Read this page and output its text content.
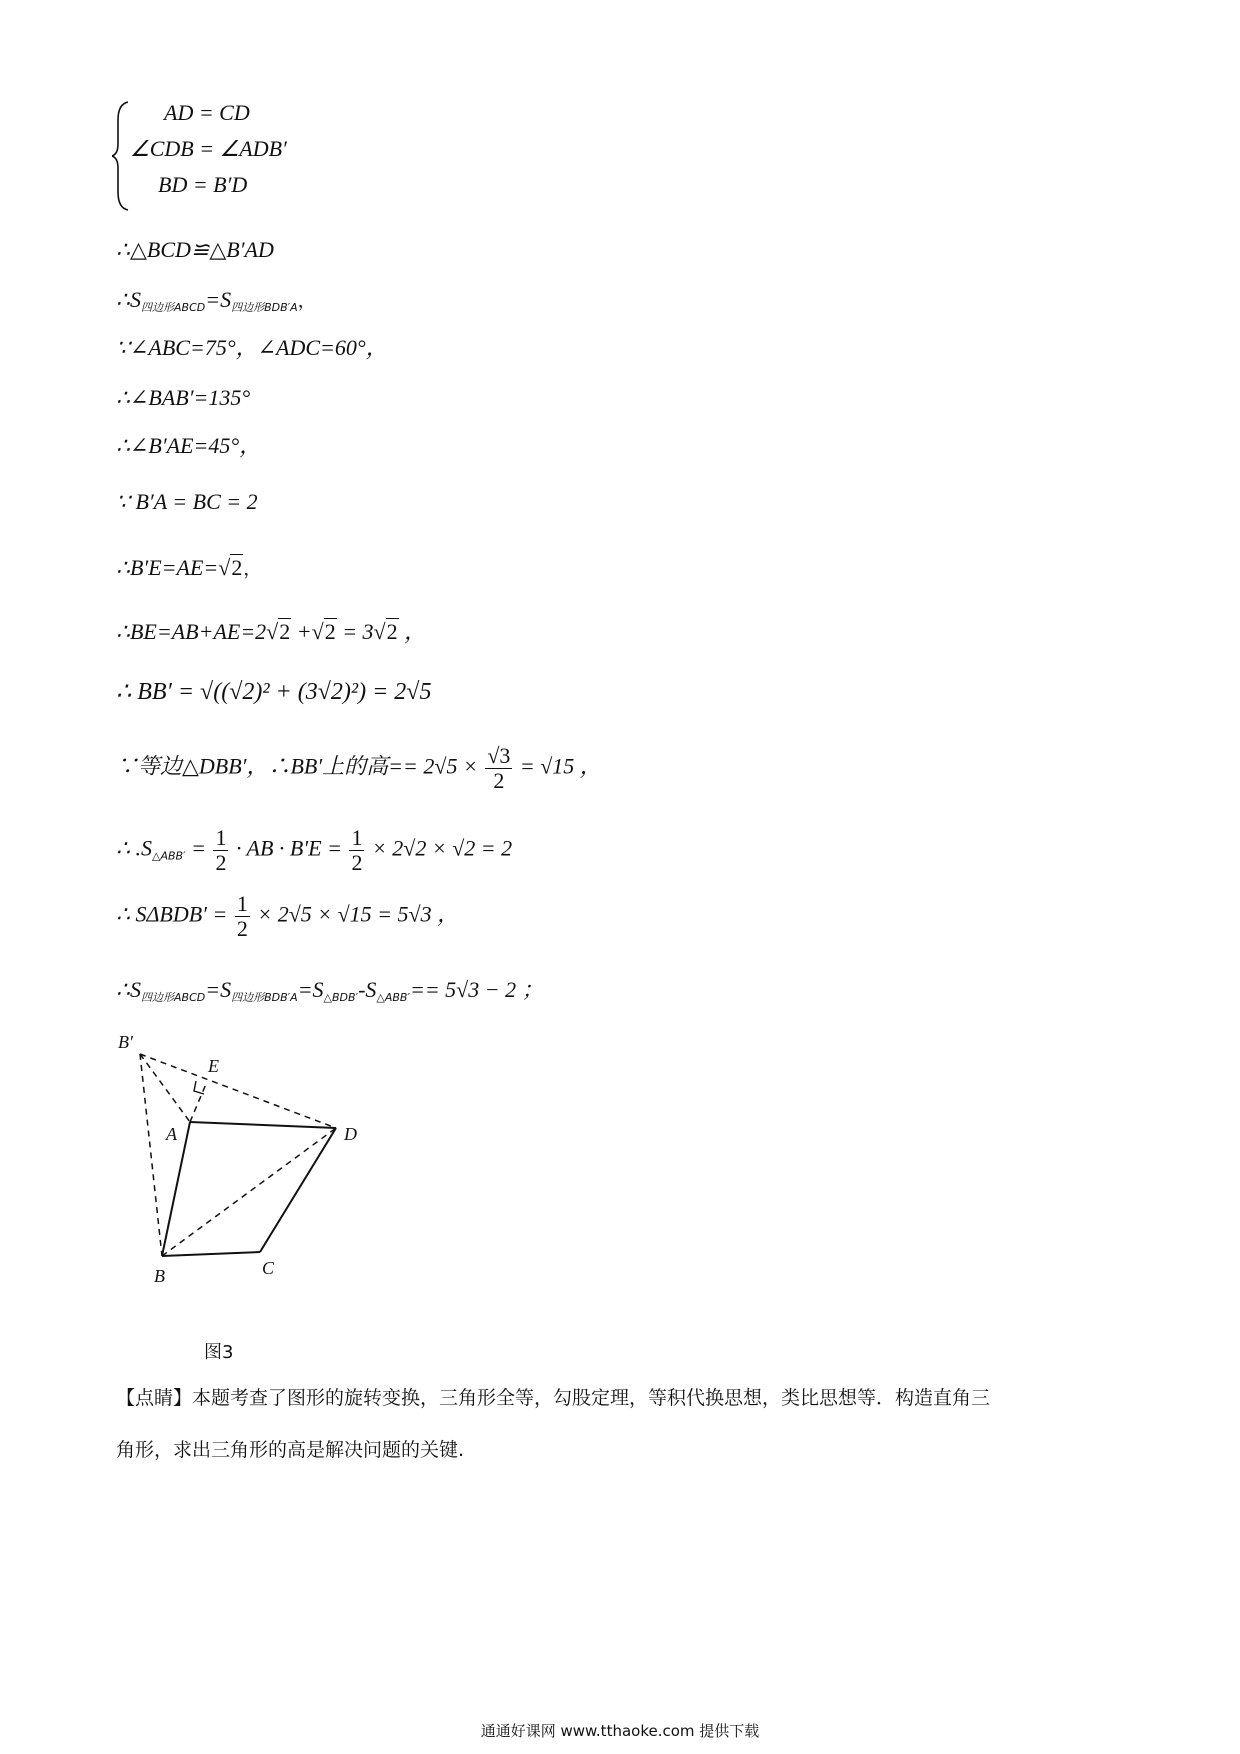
AD = CD
∠CDB = ∠ADB′
BD = B′D
∴△BCD≌△B′AD
$\therefore S_{四边形ABCD}=S_{四边形BDB'A}$，
∵∠ABC=75°，∠ADC=60°，
∴∠BAB′=135°
∴∠B′AE=45°，
∵ B′A = BC = 2
∴B′E=AE=√2，
∴BE=AB+AE=2√2 +√2 = 3√2 ，
∴ BB′ = √((√2)² + (3√2)²) = 2√5
∵等边△DBB′，∴BB′上的高== $2√5 \times \frac{√3}{2} = √15$ ，
∴ $.S_{\triangle ABB'} = \frac{1}{2}$ · AB · $B'E = \frac{1}{2} \times 2√2 \times √2 = 2$
∴ $S\Delta BDB' = \frac{1}{2} \times 2√5 \times √15 = 5√3$ ，
$\therefore S_{四边形ABCD}=S_{四边形BDB'A}=S_{\triangle BDB'}-S_{\triangle ABB'}== 5√3 - 2$ ；
B′
E
A	D
B	C
图3
【点睛】本题考查了图形的旋转变换，三角形全等，勾股定理，等积代换思想，类比思想等．构造直角三
角形，求出三角形的高是解决问题的关键.
通通好课网 www.tthaoke.com 提供下载
